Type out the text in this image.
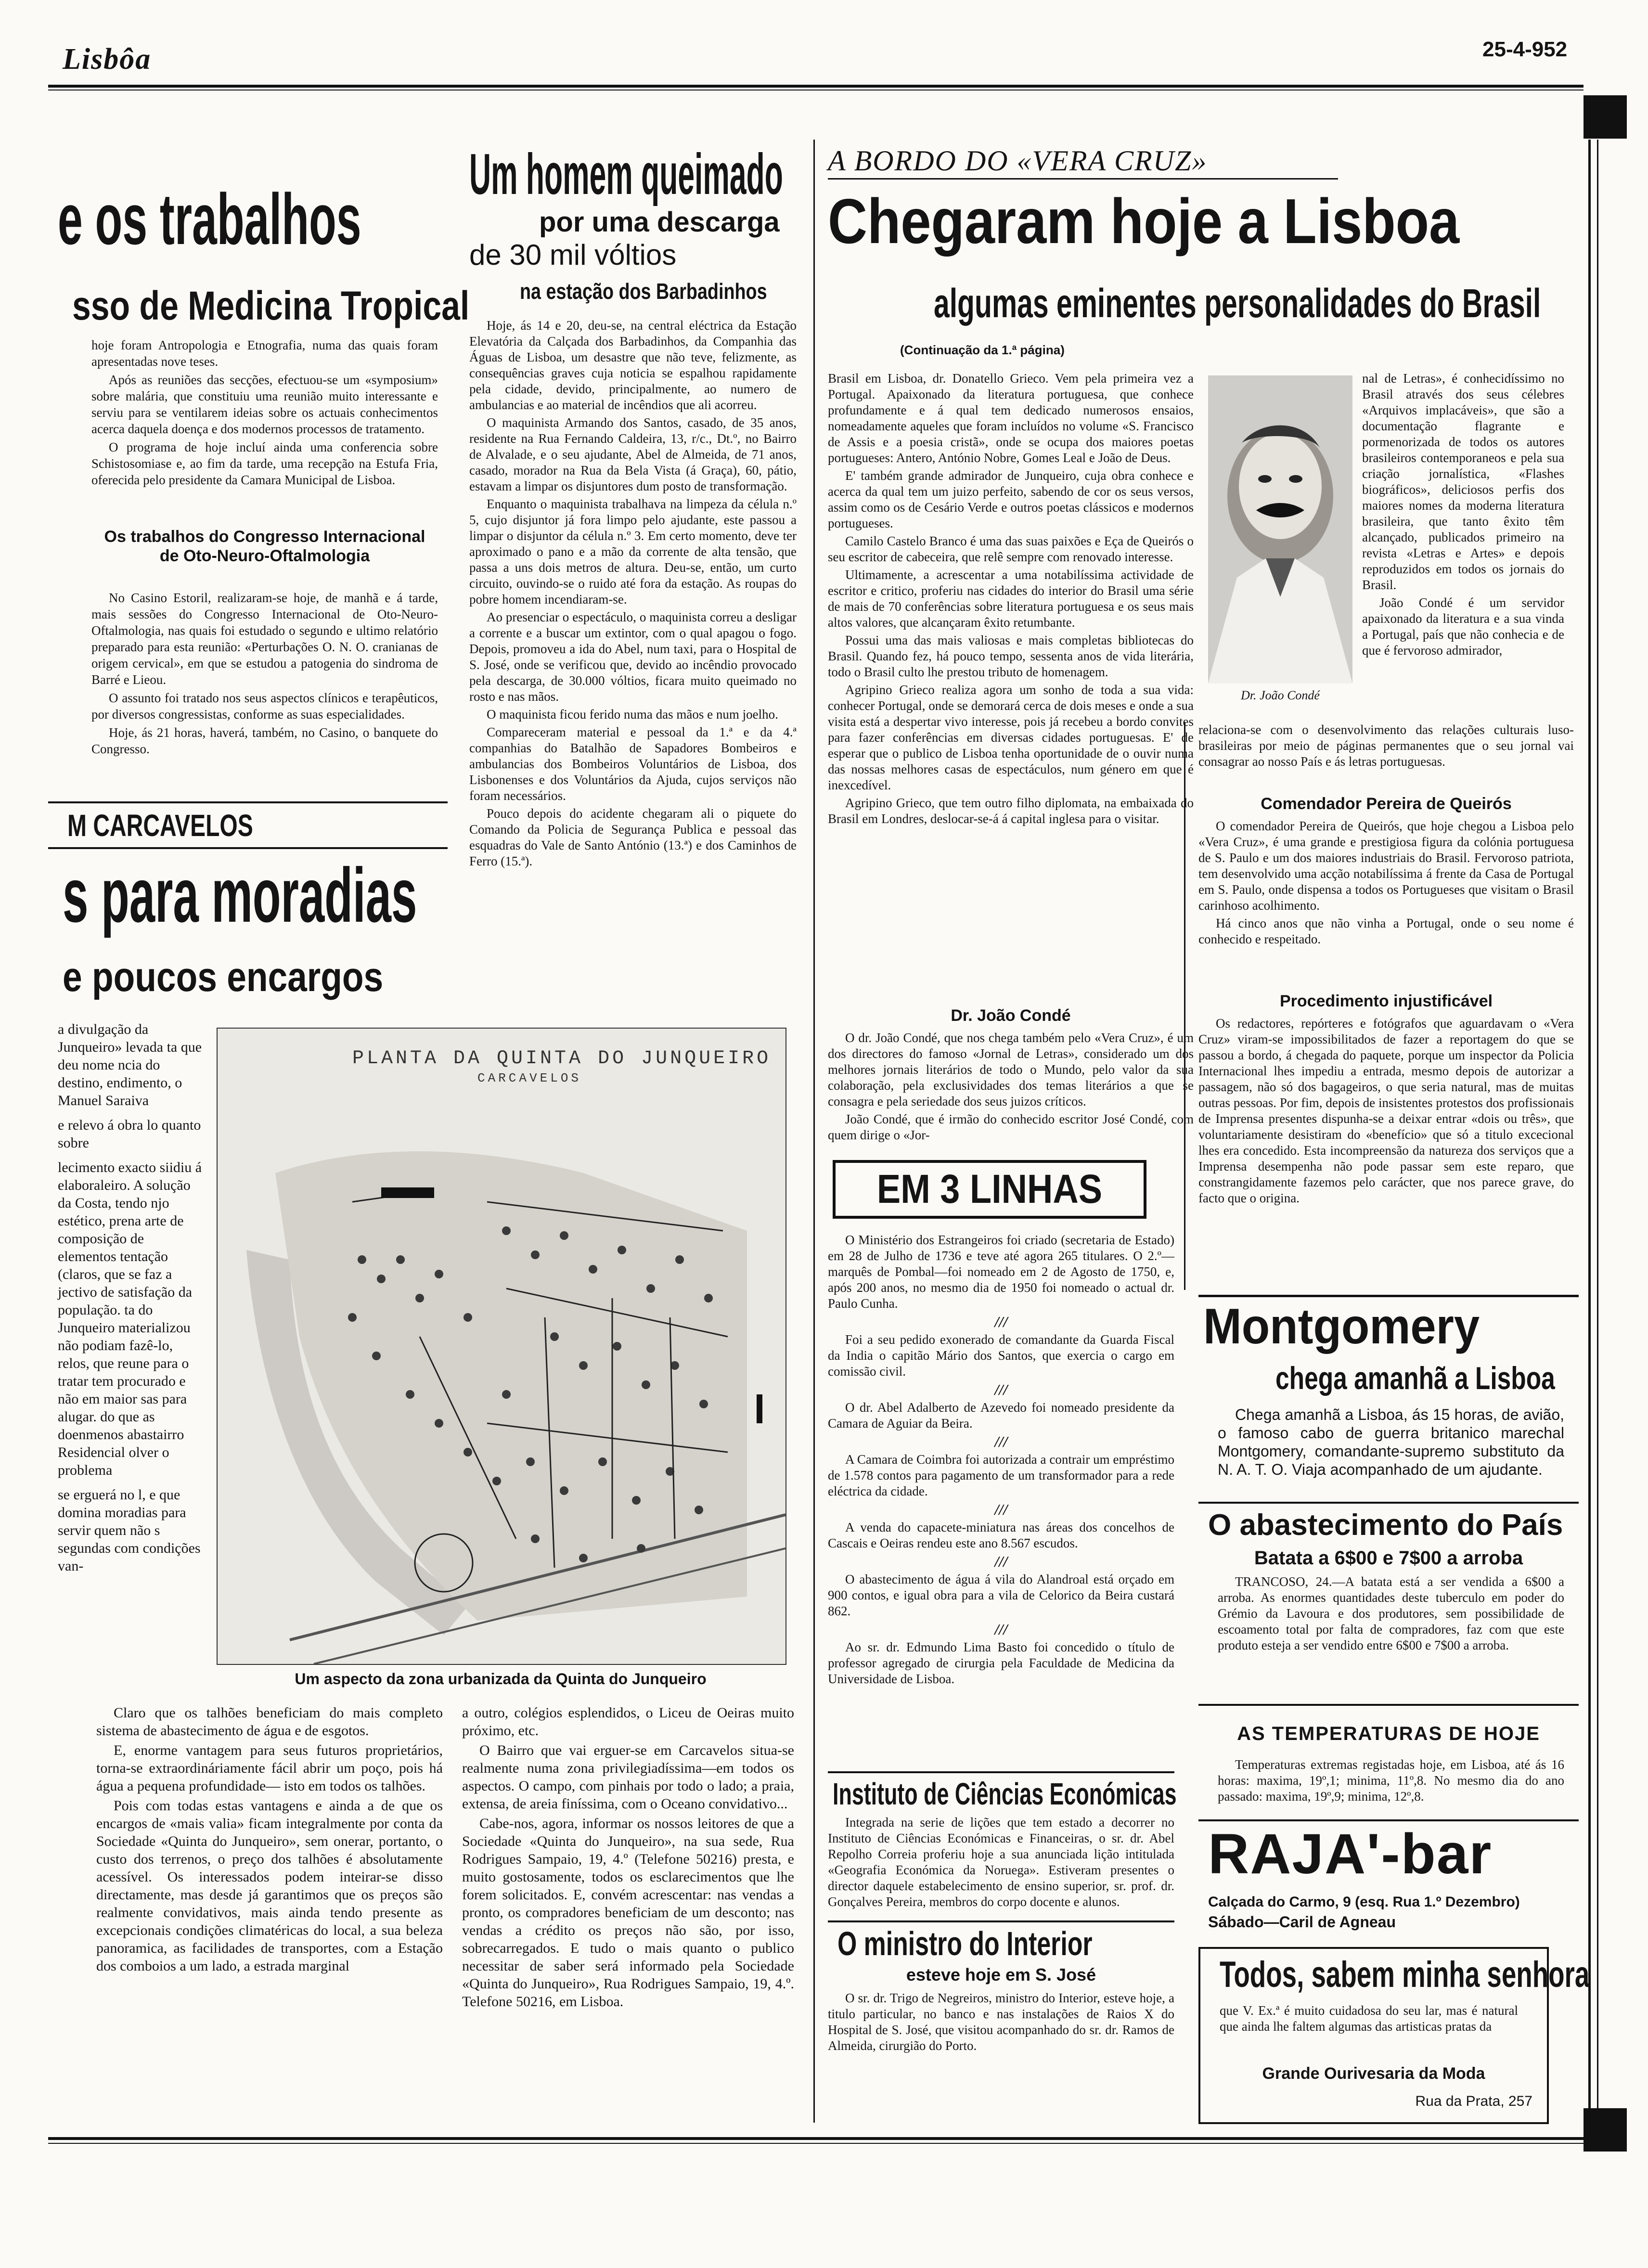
Lisbôa	25-4-952
e os trabalhos
sso de Medicina Tropical

hoje foram Antropologia e Etnografia, numa das quais foram apresentadas nove teses.

Após as reuniões das secções, efectuou-se um «symposium» sobre malária, que constituiu uma reunião muito interessante e serviu para se ventilarem ideias sobre os actuais conhecimentos acerca daquela doença e dos modernos processos de tratamento.

O programa de hoje incluí ainda uma conferencia sobre Schistosomiase e, ao fim da tarde, uma recepção na Estufa Fria, oferecida pelo presidente da Camara Municipal de Lisboa.

Os trabalhos do Congresso Internacional de Oto-Neuro-Oftalmologia

No Casino Estoril, realizaram-se hoje, de manhã e á tarde, mais sessões do Congresso Internacional de Oto-Neuro-Oftalmologia, nas quais foi estudado o segundo e ultimo relatório preparado para esta reunião: «Perturbações O. N. O. cranianas de origem cervical», em que se estudou a patogenia do sindroma de Barré e Lieou.

O assunto foi tratado nos seus aspectos clínicos e terapêuticos, por diversos congressistas, conforme as suas especialidades.

Hoje, ás 21 horas, haverá, também, no Casino, o banquete do Congresso.

M CARCAVELOS
s para moradias
e poucos encargos

a divulgação da Junqueiro» levada ta que deu nome ncia do destino, endimento, o Manuel Saraiva

e relevo á obra lo quanto sobre

lecimento exacto siidiu á elaboraleiro. A solução da Costa, tendo njo estético, prena arte de composição de elementos tentação (claros, que se faz a jectivo de satisfação da população. ta do Junqueiro materializou não podiam fazê-lo, relos, que reune para o tratar tem procurado e não em maior sas para alugar. do que as doenmenos abastairro Residencial olver o problema

se erguerá no l, e que domina moradias para servir quem não s segundas com condições van-

PLANTA DA QUINTA DO JUNQUEIRO
CARCAVELOS
Um aspecto da zona urbanizada da Quinta do Junqueiro

Claro que os talhões beneficiam do mais completo sistema de abastecimento de água e de esgotos.

E, enorme vantagem para seus futuros proprietários, torna-se extraordináriamente fácil abrir um poço, pois há água a pequena profundidade— isto em todos os talhões.

Pois com todas estas vantagens e ainda a de que os encargos de «mais valia» ficam integralmente por conta da Sociedade «Quinta do Junqueiro», sem onerar, portanto, o custo dos terrenos, o preço dos talhões é absolutamente acessível. Os interessados podem inteirar-se disso directamente, mas desde já garantimos que os preços são realmente convidativos, mais ainda tendo presente as excepcionais condições climatéricas do local, a sua beleza panoramica, as facilidades de transportes, com a Estação dos comboios a um lado, a estrada marginal

a outro, colégios esplendidos, o Liceu de Oeiras muito próximo, etc.

O Bairro que vai erguer-se em Carcavelos situa-se realmente numa zona privilegiadíssima—em todos os aspectos. O campo, com pinhais por todo o lado; a praia, extensa, de areia finíssima, com o Oceano convidativo...

Cabe-nos, agora, informar os nossos leitores de que a Sociedade «Quinta do Junqueiro», na sua sede, Rua Rodrigues Sampaio, 19, 4.º (Telefone 50216) presta, e muito gostosamente, todos os esclarecimentos que lhe forem solicitados. E, convém acrescentar: nas vendas a pronto, os compradores beneficiam de um desconto; nas vendas a crédito os preços não são, por isso, sobrecarregados. E tudo o mais quanto o publico necessitar de saber será informado pela Sociedade «Quinta do Junqueiro», Rua Rodrigues Sampaio, 19, 4.º. Telefone 50216, em Lisboa.

Um homem queimado
por uma descarga
de 30 mil vóltios
na estação dos Barbadinhos

Hoje, ás 14 e 20, deu-se, na central eléctrica da Estação Elevatória da Calçada dos Barbadinhos, da Companhia das Águas de Lisboa, um desastre que não teve, felizmente, as consequências graves cuja noticia se espalhou rapidamente pela cidade, devido, principalmente, ao numero de ambulancias e ao material de incêndios que ali acorreu.

O maquinista Armando dos Santos, casado, de 35 anos, residente na Rua Fernando Caldeira, 13, r/c., Dt.º, no Bairro de Alvalade, e o seu ajudante, Abel de Almeida, de 71 anos, casado, morador na Rua da Bela Vista (á Graça), 60, pátio, estavam a limpar os disjuntores dum posto de transformação.

Enquanto o maquinista trabalhava na limpeza da célula n.º 5, cujo disjuntor já fora limpo pelo ajudante, este passou a limpar o disjuntor da célula n.º 3. Em certo momento, deve ter aproximado o pano e a mão da corrente de alta tensão, que passa a uns dois metros de altura. Deu-se, então, um curto circuito, ouvindo-se o ruido até fora da estação. As roupas do pobre homem incendiaram-se.

Ao presenciar o espectáculo, o maquinista correu a desligar a corrente e a buscar um extintor, com o qual apagou o fogo. Depois, promoveu a ida do Abel, num taxi, para o Hospital de S. José, onde se verificou que, devido ao incêndio provocado pela descarga, de 30.000 vóltios, ficara muito queimado no rosto e nas mãos.

O maquinista ficou ferido numa das mãos e num joelho.

Compareceram material e pessoal da 1.ª e da 4.ª companhias do Batalhão de Sapadores Bombeiros e ambulancias dos Bombeiros Voluntários de Lisboa, dos Lisbonenses e dos Voluntários da Ajuda, cujos serviços não foram necessários.

Pouco depois do acidente chegaram ali o piquete do Comando da Policia de Segurança Publica e pessoal das esquadras do Vale de Santo António (13.ª) e dos Caminhos de Ferro (15.ª).

A BORDO DO «VERA CRUZ»
Chegaram hoje a Lisboa
algumas eminentes personalidades do Brasil
(Continuação da 1.ª página)

Brasil em Lisboa, dr. Donatello Grieco. Vem pela primeira vez a Portugal. Apaixonado da literatura portuguesa, que conhece profundamente e á qual tem dedicado numerosos ensaios, nomeadamente aqueles que foram incluídos no volume «S. Francisco de Assis e a poesia cristã», onde se ocupa dos maiores poetas portugueses: Antero, António Nobre, Gomes Leal e João de Deus.

E' também grande admirador de Junqueiro, cuja obra conhece e acerca da qual tem um juizo perfeito, sabendo de cor os seus versos, assim como os de Cesário Verde e outros poetas clássicos e modernos portugueses.

Camilo Castelo Branco é uma das suas paixões e Eça de Queirós o seu escritor de cabeceira, que relê sempre com renovado interesse.

Ultimamente, a acrescentar a uma notabilíssima actividade de escritor e critico, proferiu nas cidades do interior do Brasil uma série de mais de 70 conferências sobre literatura portuguesa e os seus mais altos valores, que alcançaram êxito retumbante.

Possui uma das mais valiosas e mais completas bibliotecas do Brasil. Quando fez, há pouco tempo, sessenta anos de vida literária, todo o Brasil culto lhe prestou tributo de homenagem.

Agripino Grieco realiza agora um sonho de toda a sua vida: conhecer Portugal, onde se demorará cerca de dois meses e onde a sua visita está a despertar vivo interesse, pois já recebeu a bordo convites para fazer conferências em diversas cidades portuguesas. E' de esperar que o publico de Lisboa tenha oportunidade de o ouvir numa das nossas melhores casas de espectáculos, num género em que é inexcedível.

Agripino Grieco, que tem outro filho diplomata, na embaixada do Brasil em Londres, deslocar-se-á á capital inglesa para o visitar.

Dr. João Condé

O dr. João Condé, que nos chega também pelo «Vera Cruz», é um dos directores do famoso «Jornal de Letras», considerado um dos melhores jornais literários de todo o Mundo, pelo valor da sua colaboração, pela exclusividades dos temas literários a que se consagra e pela seriedade dos seus juizos críticos.

João Condé, que é irmão do conhecido escritor José Condé, com quem dirige o «Jor-

Dr. João Condé

nal de Letras», é conhecidíssimo no Brasil através dos seus célebres «Arquivos implacáveis», que são a documentação flagrante e pormenorizada de todos os autores brasileiros contemporaneos e pela sua criação jornalística, «Flashes biográficos», deliciosos perfis dos maiores nomes da moderna literatura brasileira, que tanto êxito têm alcançado, publicados primeiro na revista «Letras e Artes» e depois reproduzidos em todos os jornais do Brasil.

João Condé é um servidor apaixonado da literatura e a sua vinda a Portugal, país que não conhecia e de que é fervoroso admirador,

relaciona-se com o desenvolvimento das relações culturais luso-brasileiras por meio de páginas permanentes que o seu jornal vai consagrar ao nosso País e ás letras portuguesas.

Comendador Pereira de Queirós

O comendador Pereira de Queirós, que hoje chegou a Lisboa pelo «Vera Cruz», é uma grande e prestigiosa figura da colónia portuguesa de S. Paulo e um dos maiores industriais do Brasil. Fervoroso patriota, tem desenvolvido uma acção notabilíssima á frente da Casa de Portugal em S. Paulo, onde dispensa a todos os Portugueses que visitam o Brasil carinhoso acolhimento.

Há cinco anos que não vinha a Portugal, onde o seu nome é conhecido e respeitado.

Procedimento injustificável

Os redactores, repórteres e fotógrafos que aguardavam o «Vera Cruz» viram-se impossibilitados de fazer a reportagem do que se passou a bordo, á chegada do paquete, porque um inspector da Policia Internacional lhes impediu a entrada, mesmo depois de autorizar a passagem, não só dos bagageiros, o que seria natural, mas de muitas outras pessoas. Por fim, depois de insistentes protestos dos profissionais de Imprensa presentes dispunha-se a deixar entrar «dois ou três», que voluntariamente desistiram do «benefício» que só a titulo excecional lhes era concedido. Esta incompreensão da natureza dos serviços que a Imprensa desempenha não pode passar sem este reparo, que constrangidamente fazemos pelo carácter, que nos parece grave, do facto que o origina.

EM 3 LINHAS

O Ministério dos Estrangeiros foi criado (secretaria de Estado) em 28 de Julho de 1736 e teve até agora 265 titulares. O 2.º— marquês de Pombal—foi nomeado em 2 de Agosto de 1750, e, após 200 anos, no mesmo dia de 1950 foi nomeado o actual dr. Paulo Cunha.

///

Foi a seu pedido exonerado de comandante da Guarda Fiscal da India o capitão Mário dos Santos, que exercia o cargo em comissão civil.

///

O dr. Abel Adalberto de Azevedo foi nomeado presidente da Camara de Aguiar da Beira.

///

A Camara de Coimbra foi autorizada a contrair um empréstimo de 1.578 contos para pagamento de um transformador para a rede eléctrica da cidade.

///

A venda do capacete-miniatura nas áreas dos concelhos de Cascais e Oeiras rendeu este ano 8.567 escudos.

///

O abastecimento de água á vila do Alandroal está orçado em 900 contos, e igual obra para a vila de Celorico da Beira custará 862.

///

Ao sr. dr. Edmundo Lima Basto foi concedido o título de professor agregado de cirurgia pela Faculdade de Medicina da Universidade de Lisboa.

Instituto de Ciências Económicas

Integrada na serie de lições que tem estado a decorrer no Instituto de Ciências Económicas e Financeiras, o sr. dr. Abel Repolho Correia proferiu hoje a sua anunciada lição intitulada «Geografia Económica da Noruega». Estiveram presentes o director daquele estabelecimento de ensino superior, sr. prof. dr. Gonçalves Pereira, membros do corpo docente e alunos.

O ministro do Interior
esteve hoje em S. José

O sr. dr. Trigo de Negreiros, ministro do Interior, esteve hoje, a titulo particular, no banco e nas instalações de Raios X do Hospital de S. José, que visitou acompanhado do sr. dr. Ramos de Almeida, cirurgião do Porto.

Montgomery
chega amanhã a Lisboa

Chega amanhã a Lisboa, ás 15 horas, de avião, o famoso cabo de guerra britanico marechal Montgomery, comandante-supremo substituto da N. A. T. O. Viaja acompanhado de um ajudante.

O abastecimento do País
Batata a 6$00 e 7$00 a arroba

TRANCOSO, 24.—A batata está a ser vendida a 6$00 a arroba. As enormes quantidades deste tuberculo em poder do Grémio da Lavoura e dos produtores, sem possibilidade de escoamento total por falta de compradores, faz com que este produto esteja a ser vendido entre 6$00 e 7$00 a arroba.

AS TEMPERATURAS DE HOJE

Temperaturas extremas registadas hoje, em Lisboa, até ás 16 horas: maxima, 19º,1; minima, 11º,8. No mesmo dia do ano passado: maxima, 19º,9; minima, 12º,8.

RAJA'-bar
Calçada do Carmo, 9 (esq. Rua 1.º Dezembro)
Sábado—Caril de Agneau
Todos, sabem minha senhora

que V. Ex.ª é muito cuidadosa do seu lar, mas é natural que ainda lhe faltem algumas das artisticas pratas da

Grande Ourivesaria da Moda
Rua da Prata, 257
